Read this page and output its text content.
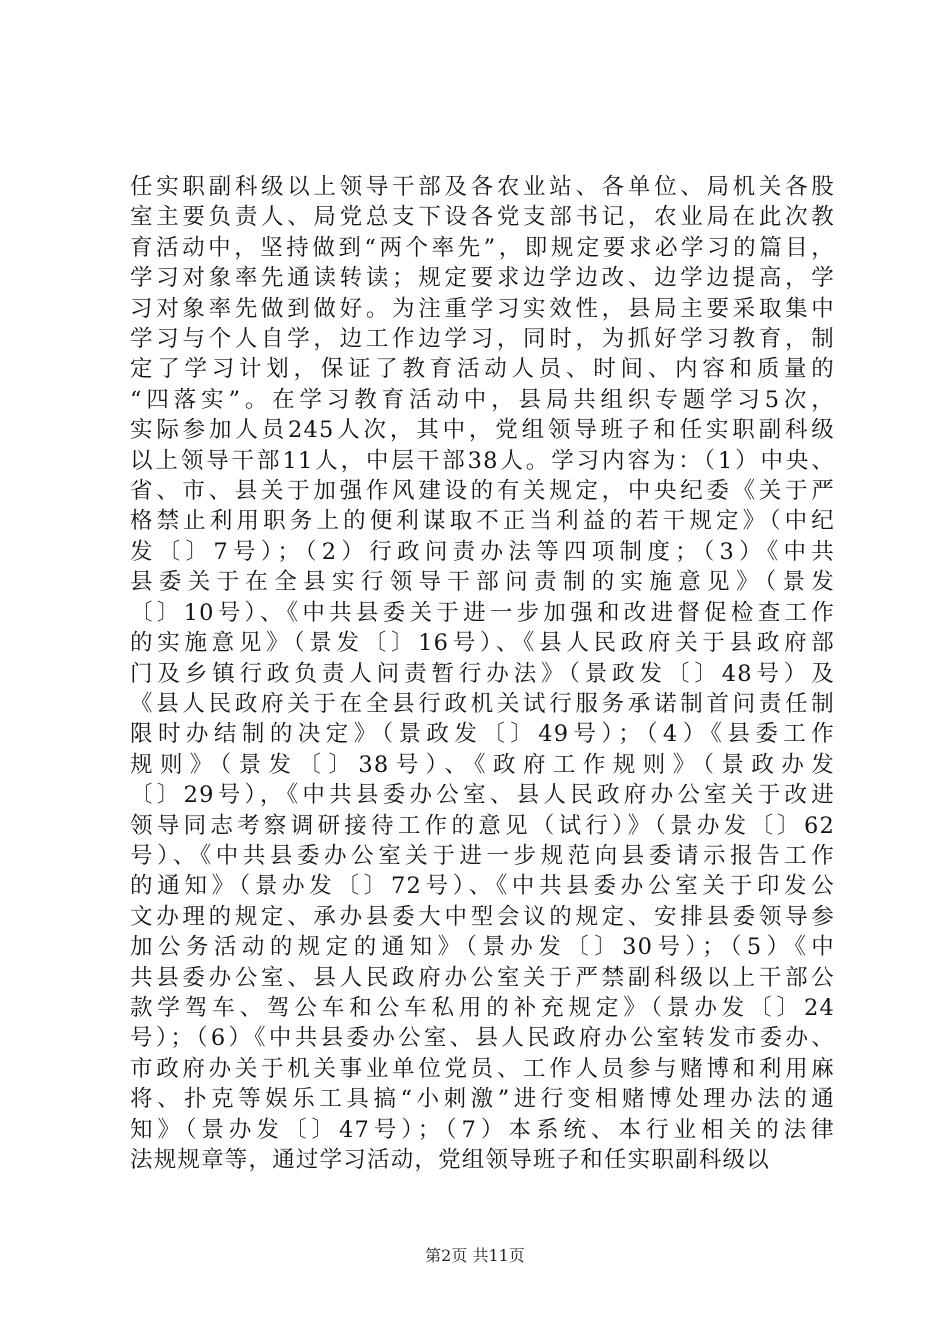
任实职副科级以上领导干部及各农业站、各单位、局机关各股
室主要负责人、局党总支下设各党支部书记，农业局在此次教
育活动中，坚持做到“两个率先”，即规定要求必学习的篇目，
学习对象率先通读转读；规定要求边学边改、边学边提高，学
习对象率先做到做好。为注重学习实效性，县局主要采取集中
学习与个人自学，边工作边学习，同时，为抓好学习教育，制
定了学习计划，保证了教育活动人员、时间、内容和质量的
“四落实”。在学习教育活动中，县局共组织专题学习5次，
实际参加人员245人次，其中，党组领导班子和任实职副科级
以上领导干部11人，中层干部38人。学习内容为：（1）中央、
省、市、县关于加强作风建设的有关规定，中央纪委《关于严
格禁止利用职务上的便利谋取不正当利益的若干规定》（中纪
发〔〕7号）；（2）行政问责办法等四项制度；（3）《中共
县委关于在全县实行领导干部问责制的实施意见》（景发
〔〕10号）、《中共县委关于进一步加强和改进督促检查工作
的实施意见》（景发〔〕16号）、《县人民政府关于县政府部
门及乡镇行政负责人问责暂行办法》（景政发〔〕48号）及
《县人民政府关于在全县行政机关试行服务承诺制首问责任制
限时办结制的决定》（景政发〔〕49号）；（4）《县委工作
规则》（景发〔〕38号）、《政府工作规则》（景政办发
〔〕29号），《中共县委办公室、县人民政府办公室关于改进
领导同志考察调研接待工作的意见（试行）》（景办发〔〕62
号）、《中共县委办公室关于进一步规范向县委请示报告工作
的通知》（景办发〔〕72号）、《中共县委办公室关于印发公
文办理的规定、承办县委大中型会议的规定、安排县委领导参
加公务活动的规定的通知》（景办发〔〕30号）；（5）《中
共县委办公室、县人民政府办公室关于严禁副科级以上干部公
款学驾车、驾公车和公车私用的补充规定》（景办发〔〕24
号）；（6）《中共县委办公室、县人民政府办公室转发市委办、
市政府办关于机关事业单位党员、工作人员参与赌博和利用麻
将、扑克等娱乐工具搞“小刺激”进行变相赌博处理办法的通
知》（景办发〔〕47号）；（7）本系统、本行业相关的法律
法规规章等，通过学习活动，党组领导班子和任实职副科级以
第2页 共11页
